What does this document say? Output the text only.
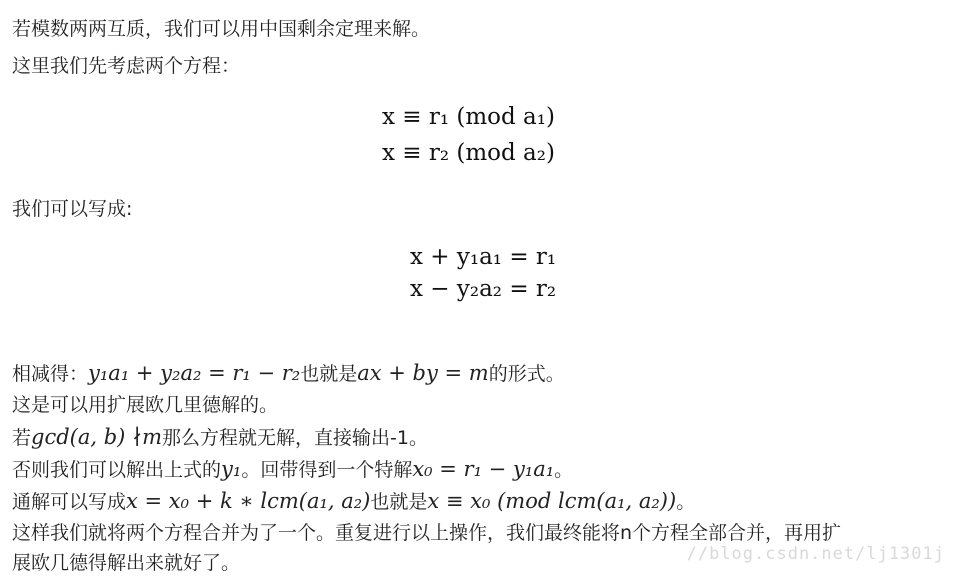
若模数两两互质，我们可以用中国剩余定理来解。
这里我们先考虑两个方程：
x ≡ r₁ (mod a₁)
x ≡ r₂ (mod a₂)
我们可以写成:
x + y₁a₁ = r₁
x − y₂a₂ = r₂
相减得：y₁a₁ + y₂a₂ = r₁ − r₂也就是ax + by = m的形式。
这是可以用扩展欧几里德解的。
若gcd(a, b) ∤m那么方程就无解，直接输出-1。
否则我们可以解出上式的y₁。回带得到一个特解x₀ = r₁ − y₁a₁。
通解可以写成x = x₀ + k ∗ lcm(a₁, a₂)也就是x ≡ x₀ (mod lcm(a₁, a₂))。
这样我们就将两个方程合并为了一个。重复进行以上操作，我们最终能将n个方程全部合并，再用扩
展欧几德得解出来就好了。	//blog.csdn.net/lj1301j
